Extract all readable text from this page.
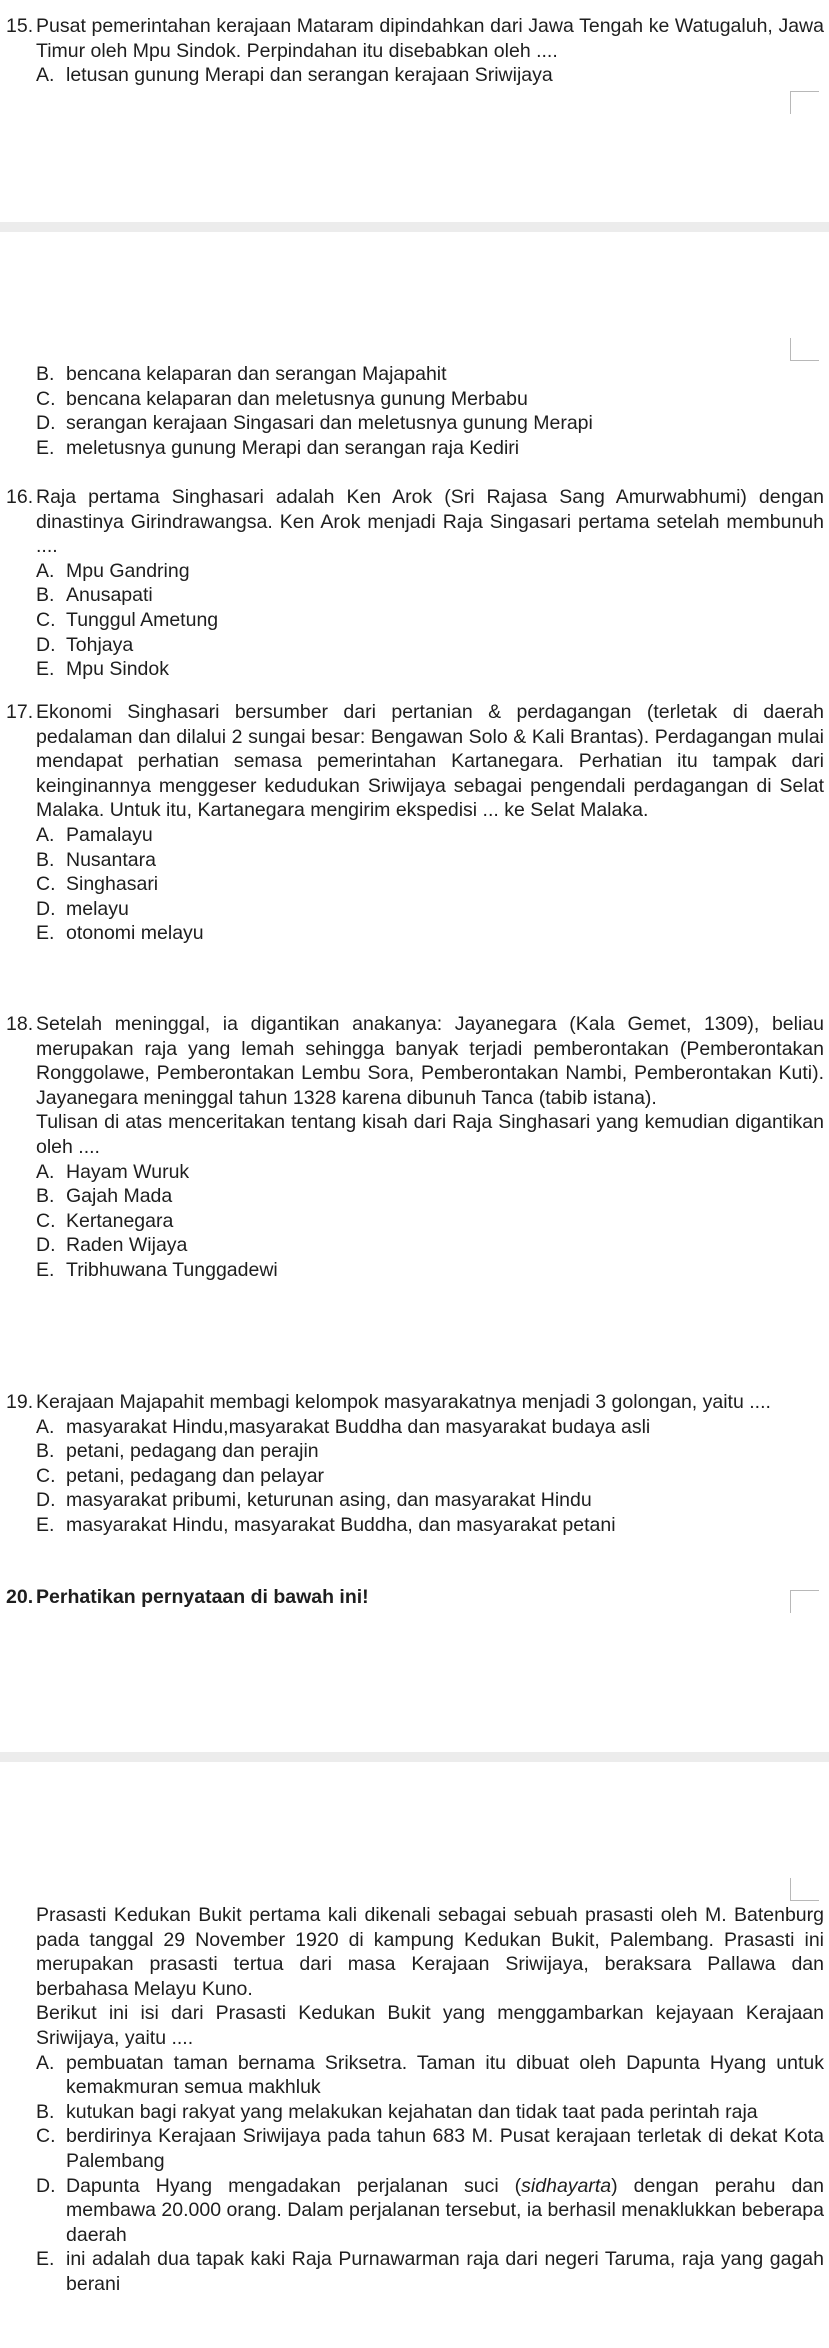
15. Pusat pemerintahan kerajaan Mataram dipindahkan dari Jawa Tengah ke Watugaluh, Jawa Timur oleh Mpu Sindok. Perpindahan itu disebabkan oleh ....
A. letusan gunung Merapi dan serangan kerajaan Sriwijaya
B. bencana kelaparan dan serangan Majapahit
C. bencana kelaparan dan meletusnya gunung Merbabu
D. serangan kerajaan Singasari dan meletusnya gunung Merapi
E. meletusnya gunung Merapi dan serangan raja Kediri
16. Raja pertama Singhasari adalah Ken Arok (Sri Rajasa Sang Amurwabhumi) dengan dinastinya Girindrawangsa. Ken Arok menjadi Raja Singasari pertama setelah membunuh ....
A. Mpu Gandring
B. Anusapati
C. Tunggul Ametung
D. Tohjaya
E. Mpu Sindok
17. Ekonomi Singhasari bersumber dari pertanian & perdagangan (terletak di daerah pedalaman dan dilalui 2 sungai besar: Bengawan Solo & Kali Brantas). Perdagangan mulai mendapat perhatian semasa pemerintahan Kartanegara. Perhatian itu tampak dari keinginannya menggeser kedudukan Sriwijaya sebagai pengendali perdagangan di Selat Malaka. Untuk itu, Kartanegara mengirim ekspedisi ... ke Selat Malaka.
A. Pamalayu
B. Nusantara
C. Singhasari
D. melayu
E. otonomi melayu
18. Setelah meninggal, ia digantikan anakanya: Jayanegara (Kala Gemet, 1309), beliau merupakan raja yang lemah sehingga banyak terjadi pemberontakan (Pemberontakan Ronggolawe, Pemberontakan Lembu Sora, Pemberontakan Nambi, Pemberontakan Kuti). Jayanegara meninggal tahun 1328 karena dibunuh Tanca (tabib istana).
Tulisan di atas menceritakan tentang kisah dari Raja Singhasari yang kemudian digantikan oleh ....
A. Hayam Wuruk
B. Gajah Mada
C. Kertanegara
D. Raden Wijaya
E. Tribhuwana Tunggadewi
19. Kerajaan Majapahit membagi kelompok masyarakatnya menjadi 3 golongan, yaitu ....
A. masyarakat Hindu,masyarakat Buddha dan masyarakat budaya asli
B. petani, pedagang dan perajin
C. petani, pedagang dan pelayar
D. masyarakat pribumi, keturunan asing, dan masyarakat Hindu
E. masyarakat Hindu, masyarakat Buddha, dan masyarakat petani
20. Perhatikan pernyataan di bawah ini!
Prasasti Kedukan Bukit pertama kali dikenali sebagai sebuah prasasti oleh M. Batenburg pada tanggal 29 November 1920 di kampung Kedukan Bukit, Palembang. Prasasti ini merupakan prasasti tertua dari masa Kerajaan Sriwijaya, beraksara Pallawa dan berbahasa Melayu Kuno.
Berikut ini isi dari Prasasti Kedukan Bukit yang menggambarkan kejayaan Kerajaan Sriwijaya, yaitu ....
A. pembuatan taman bernama Sriksetra. Taman itu dibuat oleh Dapunta Hyang untuk kemakmuran semua makhluk
B. kutukan bagi rakyat yang melakukan kejahatan dan tidak taat pada perintah raja
C. berdirinya Kerajaan Sriwijaya pada tahun 683 M. Pusat kerajaan terletak di dekat Kota Palembang
D. Dapunta Hyang mengadakan perjalanan suci (sidhayarta) dengan perahu dan membawa 20.000 orang. Dalam perjalanan tersebut, ia berhasil menaklukkan beberapa daerah
E. ini adalah dua tapak kaki Raja Purnawarman raja dari negeri Taruma, raja yang gagah berani
